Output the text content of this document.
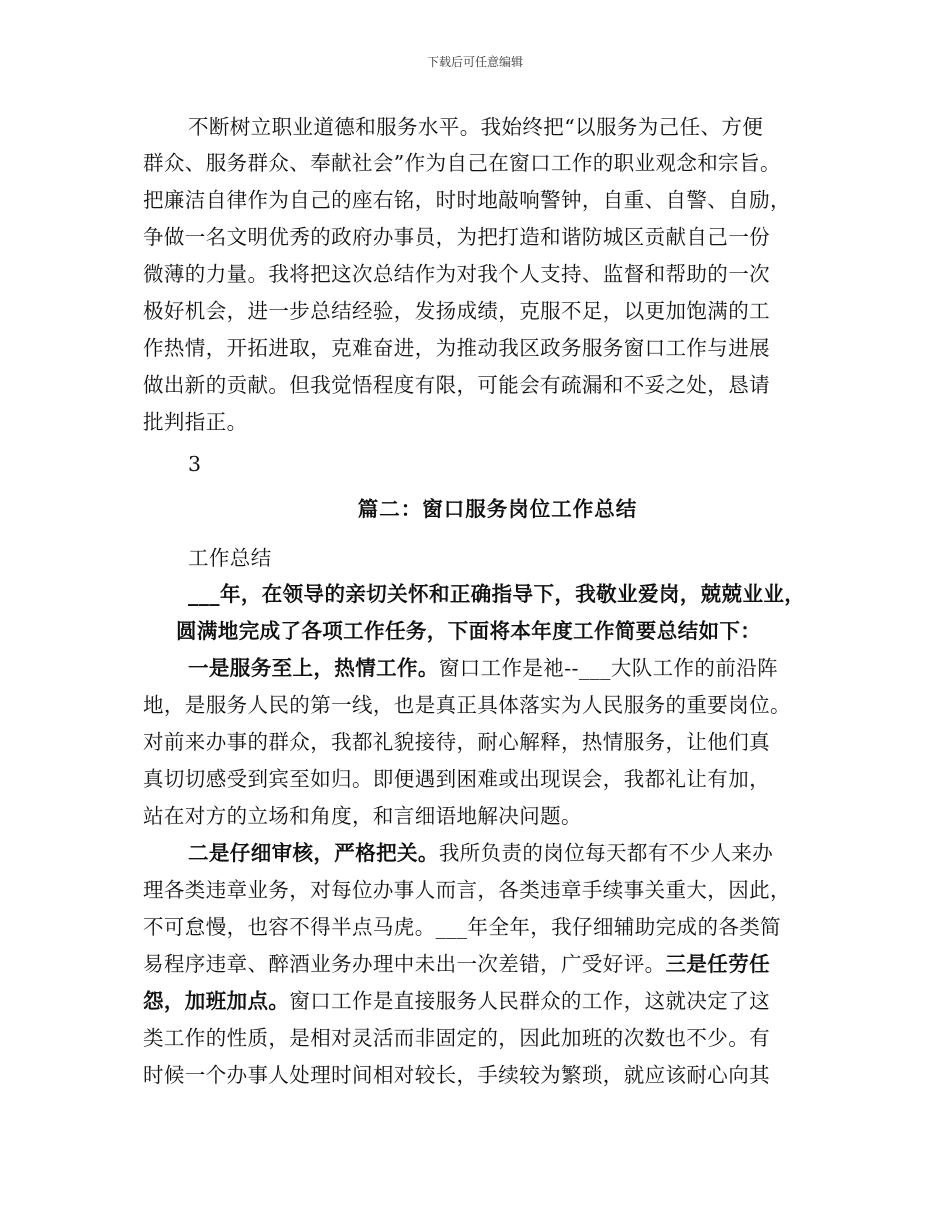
下载后可任意编辑
不断树立职业道德和服务水平。我始终把“以服务为己任、方便
群众、服务群众、奉献社会”作为自己在窗口工作的职业观念和宗旨。
把廉洁自律作为自己的座右铭，时时地敲响警钟，自重、自警、自励，
争做一名文明优秀的政府办事员，为把打造和谐防城区贡献自己一份
微薄的力量。我将把这次总结作为对我个人支持、监督和帮助的一次
极好机会，进一步总结经验，发扬成绩，克服不足，以更加饱满的工
作热情，开拓进取，克难奋进，为推动我区政务服务窗口工作与进展
做出新的贡献。但我觉悟程度有限，可能会有疏漏和不妥之处，恳请
批判指正。
3
篇二：窗口服务岗位工作总结
工作总结
___年，在领导的亲切关怀和正确指导下，我敬业爱岗，兢兢业业，
圆满地完成了各项工作任务，下面将本年度工作简要总结如下：
一是服务至上，热情工作。窗口工作是祂--___大队工作的前沿阵
地，是服务人民的第一线，也是真正具体落实为人民服务的重要岗位。
对前来办事的群众，我都礼貌接待，耐心解释，热情服务，让他们真
真切切感受到宾至如归。即便遇到困难或出现误会，我都礼让有加，
站在对方的立场和角度，和言细语地解决问题。
二是仔细审核，严格把关。我所负责的岗位每天都有不少人来办
理各类违章业务，对每位办事人而言，各类违章手续事关重大，因此，
不可怠慢，也容不得半点马虎。___年全年，我仔细辅助完成的各类简
易程序违章、醉酒业务办理中未出一次差错，广受好评。三是任劳任
怨，加班加点。窗口工作是直接服务人民群众的工作，这就决定了这
类工作的性质，是相对灵活而非固定的，因此加班的次数也不少。有
时候一个办事人处理时间相对较长，手续较为繁琐，就应该耐心向其
